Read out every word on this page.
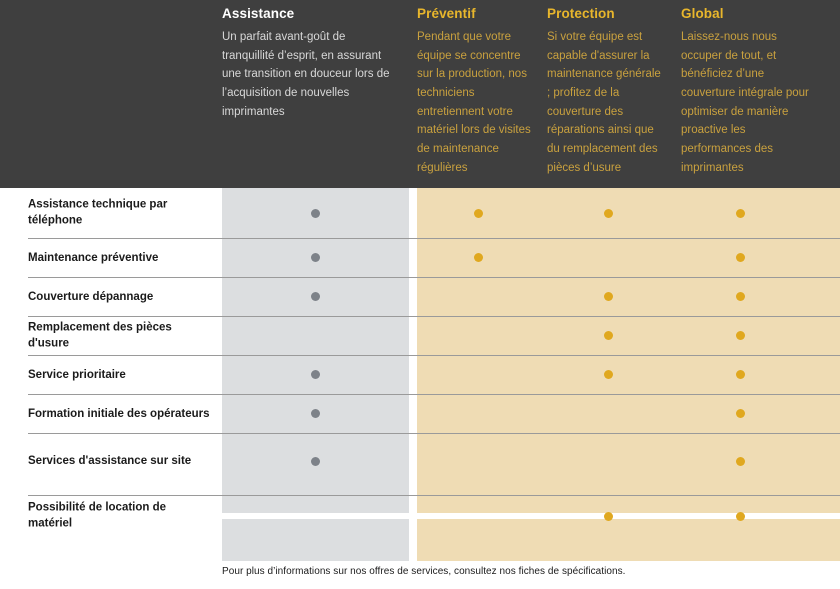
Assistance
Un parfait avant-goût de tranquillité d’esprit, en assurant une transition en douceur lors de l’acquisition de nouvelles imprimantes
Préventif
Pendant que votre équipe se concentre sur la production, nos techniciens entretiennent votre matériel lors de visites de maintenance régulières
Protection
Si votre équipe est capable d'assurer la maintenance générale ; profitez de la couverture des réparations ainsi que du remplacement des pièces d’usure
Global
Laissez-nous nous occuper de tout, et bénéficiez d’une couverture intégrale pour optimiser de manière proactive les performances des imprimantes
Assistance technique par téléphone
Maintenance préventive
Couverture dépannage
Remplacement des pièces d'usure
Service prioritaire
Formation initiale des opérateurs
Services d'assistance sur site
Possibilité de location de matériel
Pour plus d’informations sur nos offres de services, consultez nos fiches de spécifications.
